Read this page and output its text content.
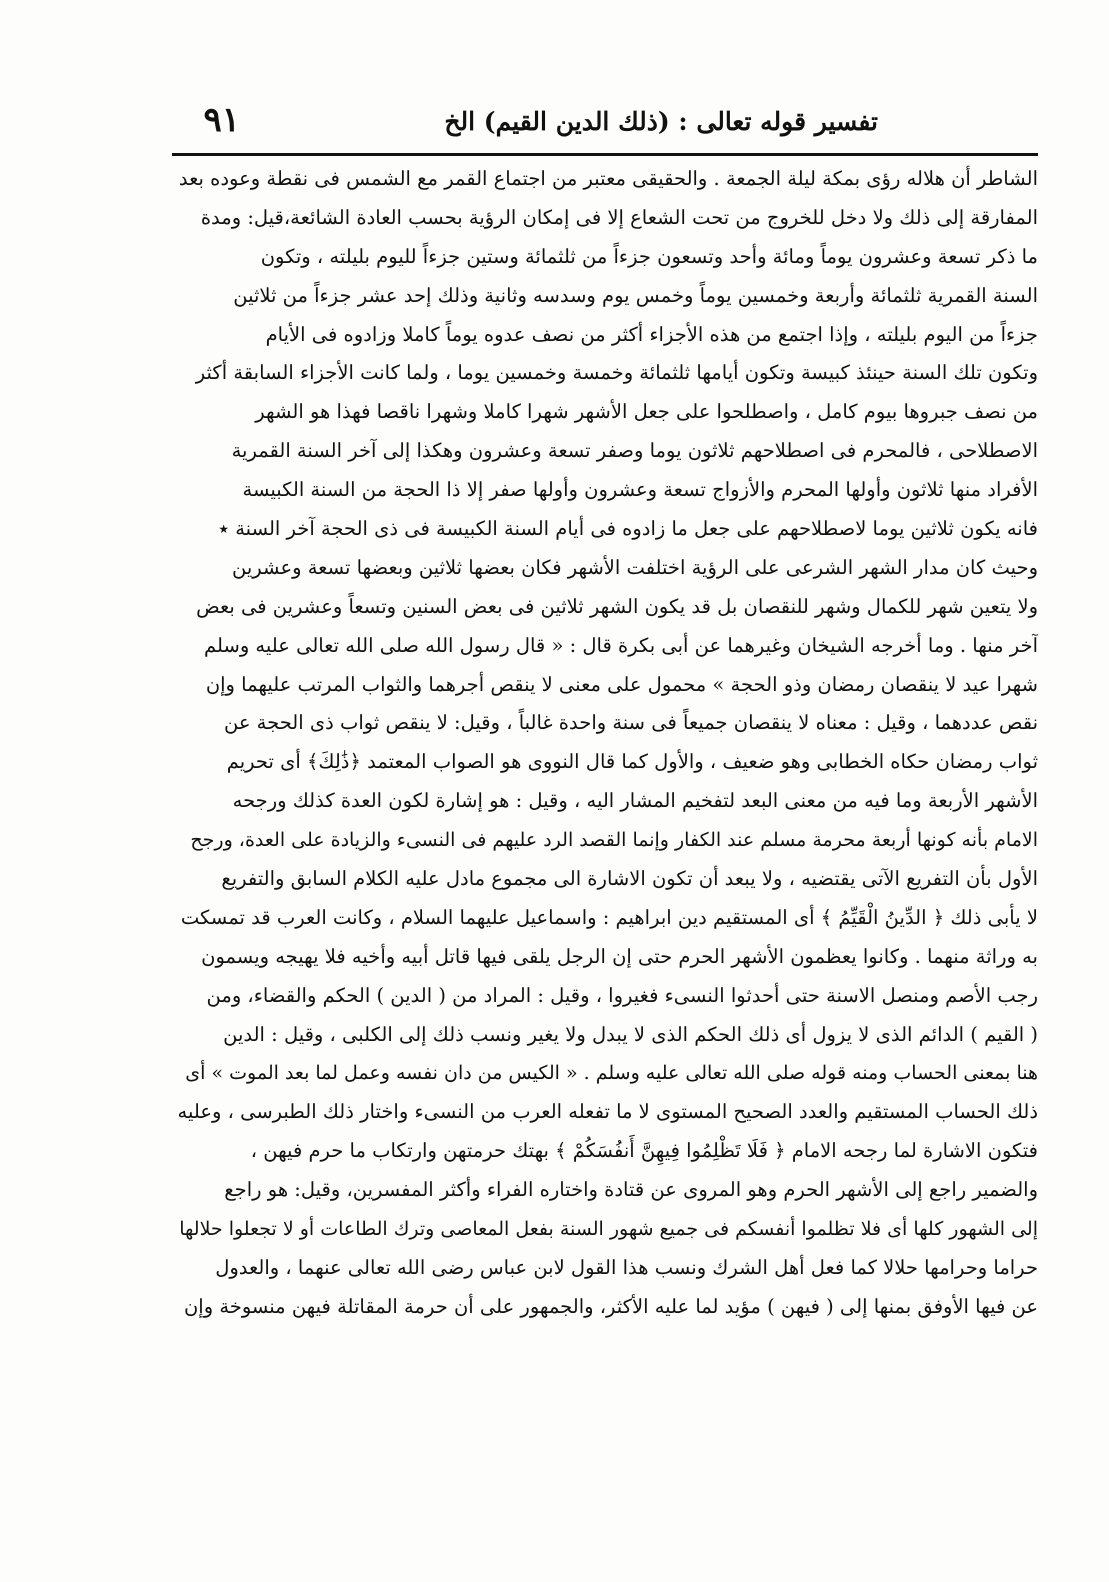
٩١	تفسير قوله تعالى : (ذلك الدين القيم) الخ
الشاطر أن هلاله رؤى بمكة ليلة الجمعة . والحقيقى معتبر من اجتماع القمر مع الشمس فى نقطة وعوده بعد
المفارقة إلى ذلك ولا دخل للخروج من تحت الشعاع إلا فى إمكان الرؤية بحسب العادة الشائعة،قيل: ومدة
ما ذكر تسعة وعشرون يوماً ومائة وأحد وتسعون جزءاً من ثلثمائة وستين جزءاً لليوم بليلته ، وتكون
السنة القمرية ثلثمائة وأربعة وخمسين يوماً وخمس يوم وسدسه وثانية وذلك إحد عشر جزءاً من ثلاثين
جزءاً من اليوم بليلته ، وإذا اجتمع من هذه الأجزاء أكثر من نصف عدوه يوماً كاملا وزادوه فى الأيام
وتكون تلك السنة حينئذ كبيسة وتكون أيامها ثلثمائة وخمسة وخمسين يوما ، ولما كانت الأجزاء السابقة أكثر
من نصف جبروها بيوم كامل ، واصطلحوا على جعل الأشهر شهرا كاملا وشهرا ناقصا فهذا هو الشهر
الاصطلاحى ، فالمحرم فى اصطلاحهم ثلاثون يوما وصفر تسعة وعشرون وهكذا إلى آخر السنة القمرية
الأفراد منها ثلاثون وأولها المحرم والأزواج تسعة وعشرون وأولها صفر إلا ذا الحجة من السنة الكبيسة
فانه يكون ثلاثين يوما لاصطلاحهم على جعل ما زادوه فى أيام السنة الكبيسة فى ذى الحجة آخر السنة ٭
وحيث كان مدار الشهر الشرعى على الرؤية اختلفت الأشهر فكان بعضها ثلاثين وبعضها تسعة وعشرين
ولا يتعين شهر للكمال وشهر للنقصان بل قد يكون الشهر ثلاثين فى بعض السنين وتسعاً وعشرين فى بعض
آخر منها . وما أخرجه الشيخان وغيرهما عن أبى بكرة قال : « قال رسول الله صلى الله تعالى عليه وسلم
شهرا عيد لا ينقصان رمضان وذو الحجة » محمول على معنى لا ينقص أجرهما والثواب المرتب عليهما وإن
نقص عددهما ، وقيل : معناه لا ينقصان جميعاً فى سنة واحدة غالباً ، وقيل: لا ينقص ثواب ذى الحجة عن
ثواب رمضان حكاه الخطابى وهو ضعيف ، والأول كما قال النووى هو الصواب المعتمد ﴿ذَٰلِكَ﴾ أى تحريم
الأشهر الأربعة وما فيه من معنى البعد لتفخيم المشار اليه ، وقيل : هو إشارة لكون العدة كذلك ورجحه
الامام بأنه كونها أربعة محرمة مسلم عند الكفار وإنما القصد الرد عليهم فى النسىء والزيادة على العدة، ورجح
الأول بأن التفريع الآتى يقتضيه ، ولا يبعد أن تكون الاشارة الى مجموع مادل عليه الكلام السابق والتفريع
لا يأبى ذلك ﴿ الدِّينُ الْقَيِّمُ ﴾ أى المستقيم دين ابراهيم : واسماعيل عليهما السلام ، وكانت العرب قد تمسكت
به وراثة منهما . وكانوا يعظمون الأشهر الحرم حتى إن الرجل يلقى فيها قاتل أبيه وأخيه فلا يهيجه ويسمون
رجب الأصم ومنصل الاسنة حتى أحدثوا النسىء فغيروا ، وقيل : المراد من ( الدين ) الحكم والقضاء، ومن
( القيم ) الدائم الذى لا يزول أى ذلك الحكم الذى لا يبدل ولا يغير ونسب ذلك إلى الكلبى ، وقيل : الدين
هنا بمعنى الحساب ومنه قوله صلى الله تعالى عليه وسلم . « الكيس من دان نفسه وعمل لما بعد الموت » أى
ذلك الحساب المستقيم والعدد الصحيح المستوى لا ما تفعله العرب من النسىء واختار ذلك الطبرسى ، وعليه
فتكون الاشارة لما رجحه الامام ﴿ فَلَا تَظْلِمُوا فِيهِنَّ أَنفُسَكُمْ ﴾ بهتك حرمتهن وارتكاب ما حرم فيهن ،
والضمير راجع إلى الأشهر الحرم وهو المروى عن قتادة واختاره الفراء وأكثر المفسرين، وقيل: هو راجع
إلى الشهور كلها أى فلا تظلموا أنفسكم فى جميع شهور السنة بفعل المعاصى وترك الطاعات أو لا تجعلوا حلالها
حراما وحرامها حلالا كما فعل أهل الشرك ونسب هذا القول لابن عباس رضى الله تعالى عنهما ، والعدول
عن فيها الأوفق بمنها إلى ( فيهن ) مؤيد لما عليه الأكثر، والجمهور على أن حرمة المقاتلة فيهن منسوخة وإن
